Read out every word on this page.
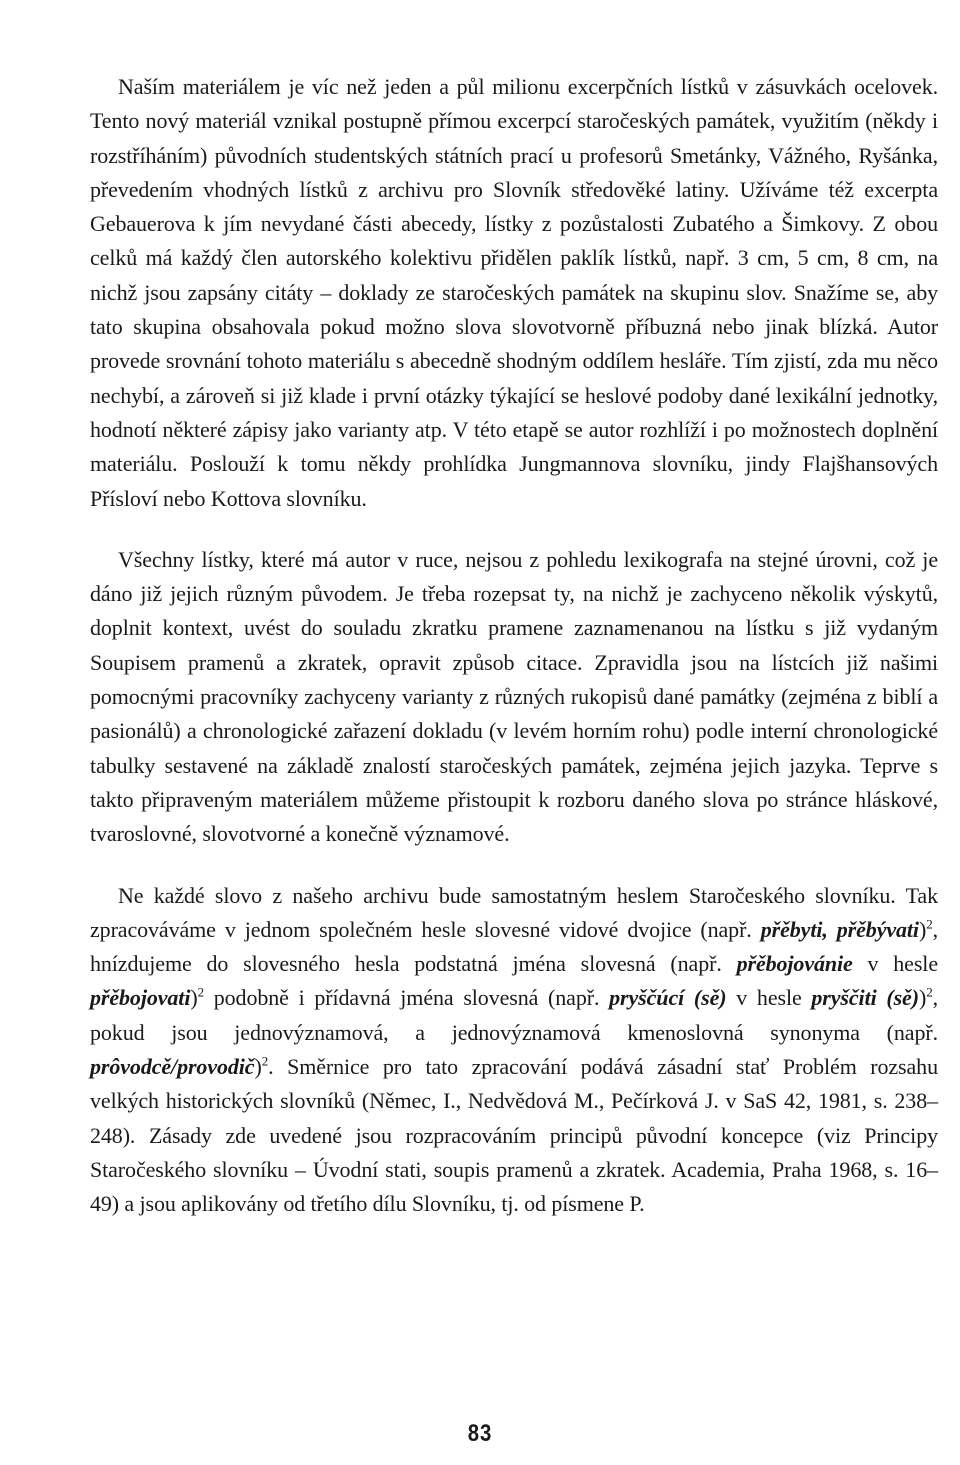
Naším materiálem je víc než jeden a půl milionu excerpčních lístků v zásuvkách ocelovek. Tento nový materiál vznikal postupně přímou excerpcí staročeských památek, využitím (někdy i rozstříháním) původních studentských státních prací u profesorů Smetánky, Vážného, Ryšánka, převedením vhodných lístků z archivu pro Slovník středověké latiny. Užíváme též excerpta Gebauerova k jím nevydané části abecedy, lístky z pozůstalosti Zubatého a Šimkovy. Z obou celků má každý člen autorského kolektivu přidělen paklík lístků, např. 3 cm, 5 cm, 8 cm, na nichž jsou zapsány citáty – doklady ze staročeských památek na skupinu slov. Snažíme se, aby tato skupina obsahovala pokud možno slova slovotvorně příbuzná nebo jinak blízká. Autor provede srovnání tohoto materiálu s abecedně shodným oddílem hesláře. Tím zjistí, zda mu něco nechybí, a zároveň si již klade i první otázky týkající se heslové podoby dané lexikální jednotky, hodnotí některé zápisy jako varianty atp. V této etapě se autor rozhlíží i po možnostech doplnění materiálu. Poslouží k tomu někdy prohlídka Jungmannova slovníku, jindy Flajšhansových Přísloví nebo Kottova slovníku.

Všechny lístky, které má autor v ruce, nejsou z pohledu lexikografa na stejné úrovni, což je dáno již jejich různým původem. Je třeba rozepsat ty, na nichž je zachyceno několik výskytů, doplnit kontext, uvést do souladu zkratku pramene zaznamenanou na lístku s již vydaným Soupisem pramenů a zkratek, opravit způsob citace. Zpravidla jsou na lístcích již našimi pomocnými pracovníky zachyceny varianty z různých rukopisů dané památky (zejména z biblí a pasionálů) a chronologické zařazení dokladu (v levém horním rohu) podle interní chronologické tabulky sestavené na základě znalostí staročeských památek, zejména jejich jazyka. Teprve s takto připraveným materiálem můžeme přistoupit k rozboru daného slova po stránce hláskové, tvaroslovné, slovotvorné a konečně významové.

Ne každé slovo z našeho archivu bude samostatným heslem Staročeského slovníku. Tak zpracováváme v jednom společném hesle slovesné vidové dvojice (např. přěbyti, přěbývati)$^2$, hnízdujeme do slovesného hesla podstatná jména slovesná (např. přěbojovánie v hesle přěbojovati)$^2$ podobně i přídavná jména slovesná (např. pryščúcí (sě) v hesle pryščiti (sě))$^2$, pokud jsou jednovýznamová, a jednovýznamová kmenoslovná synonyma (např. prôvodcě/provodič)$^2$. Směrnice pro tato zpracování podává zásadní stať Problém rozsahu velkých historických slovníků (Němec, I., Nedvědová M., Pečírková J. v SaS 42, 1981, s. 238–248). Zásady zde uvedené jsou rozpracováním principů původní koncepce (viz Principy Staročeského slovníku – Úvodní stati, soupis pramenů a zkratek. Academia, Praha 1968, s. 16–49) a jsou aplikovány od třetího dílu Slovníku, tj. od písmene P.

83
